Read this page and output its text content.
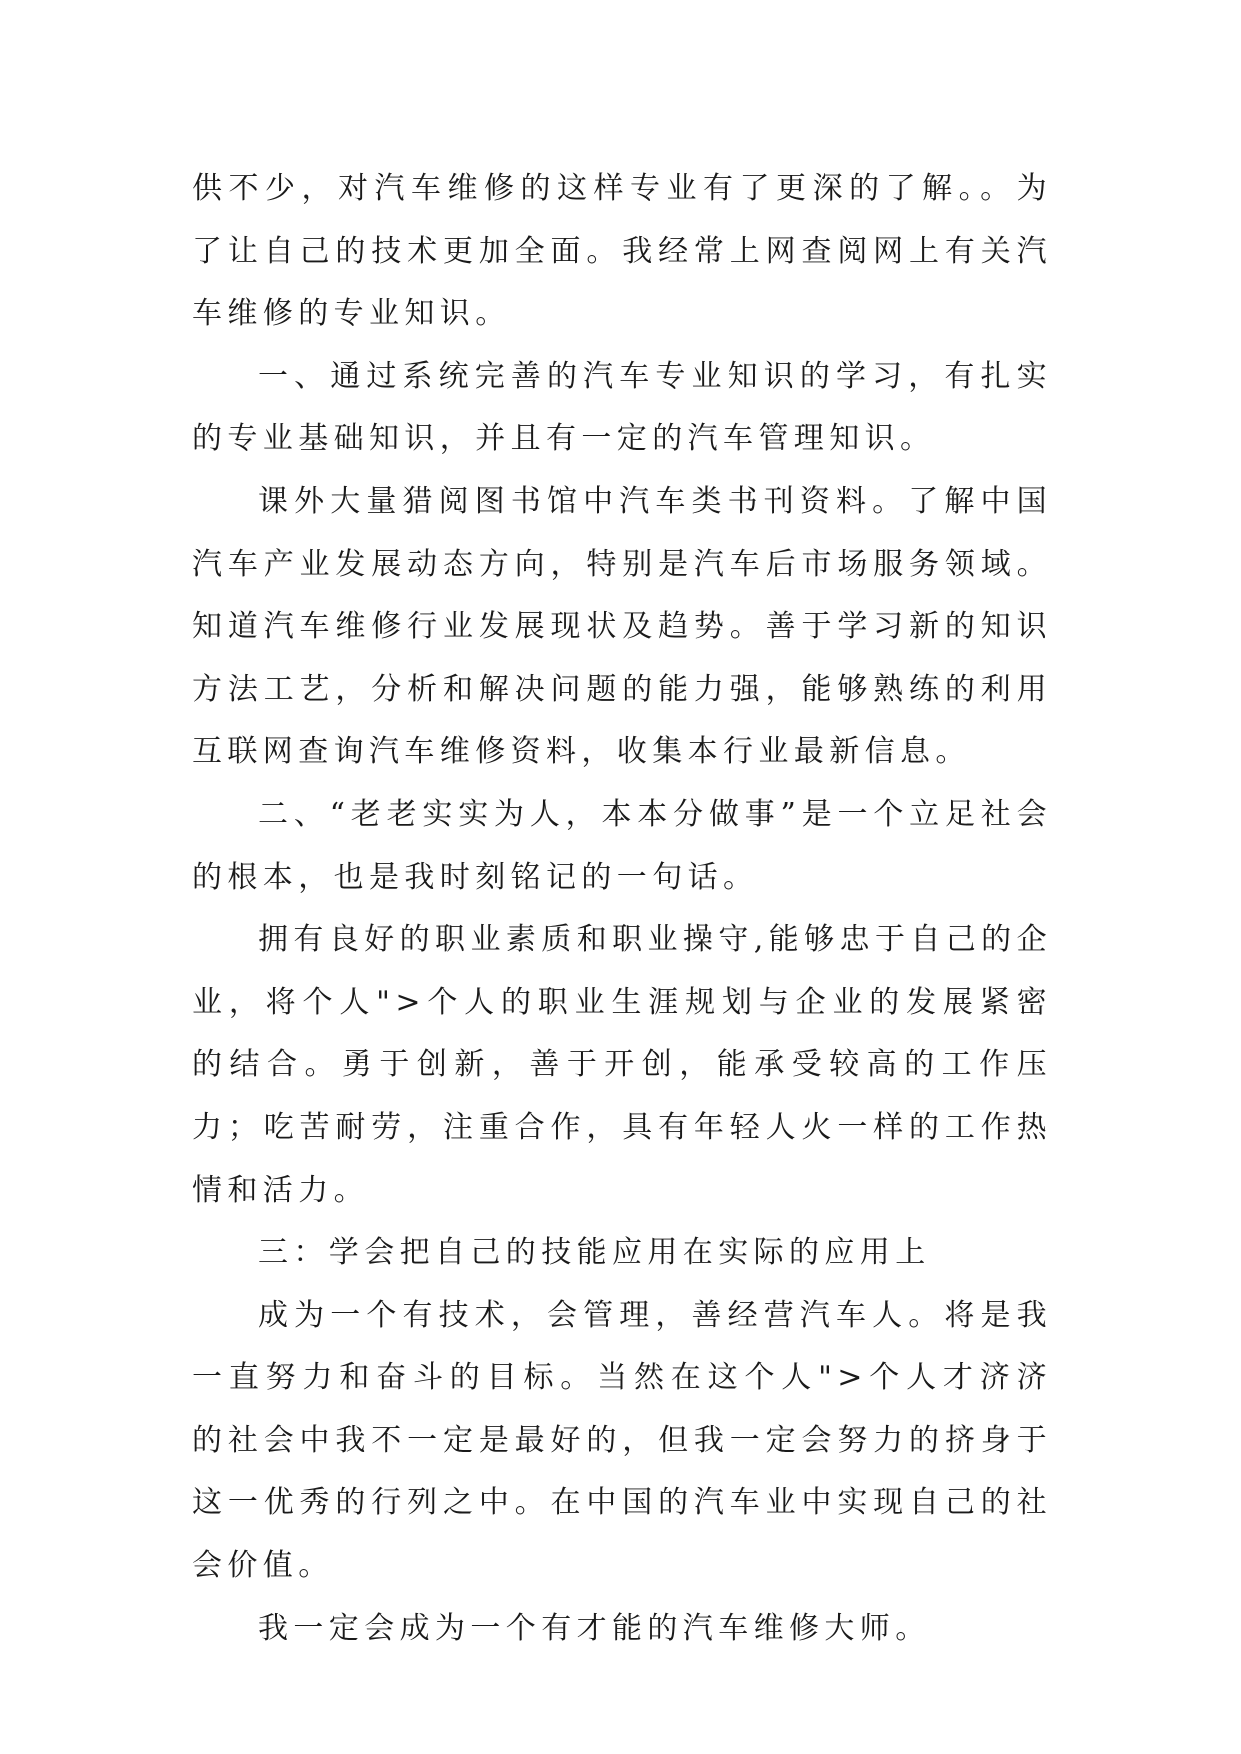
供不少，对汽车维修的这样专业有了更深的了解。。为了让自己的技术更加全面。我经常上网查阅网上有关汽车维修的专业知识。

一、通过系统完善的汽车专业知识的学习，有扎实的专业基础知识，并且有一定的汽车管理知识。

课外大量猎阅图书馆中汽车类书刊资料。了解中国汽车产业发展动态方向，特别是汽车后市场服务领域。知道汽车维修行业发展现状及趋势。善于学习新的知识方法工艺，分析和解决问题的能力强，能够熟练的利用互联网查询汽车维修资料，收集本行业最新信息。

二、“老老实实为人，本本分做事”是一个立足社会的根本，也是我时刻铭记的一句话。

拥有良好的职业素质和职业操守,能够忠于自己的企业，将个人">个人的职业生涯规划与企业的发展紧密的结合。勇于创新，善于开创，能承受较高的工作压力；吃苦耐劳，注重合作，具有年轻人火一样的工作热情和活力。

三：学会把自己的技能应用在实际的应用上

成为一个有技术，会管理，善经营汽车人。将是我一直努力和奋斗的目标。当然在这个人">个人才济济的社会中我不一定是最好的，但我一定会努力的挤身于这一优秀的行列之中。在中国的汽车业中实现自己的社会价值。

我一定会成为一个有才能的汽车维修大师。
